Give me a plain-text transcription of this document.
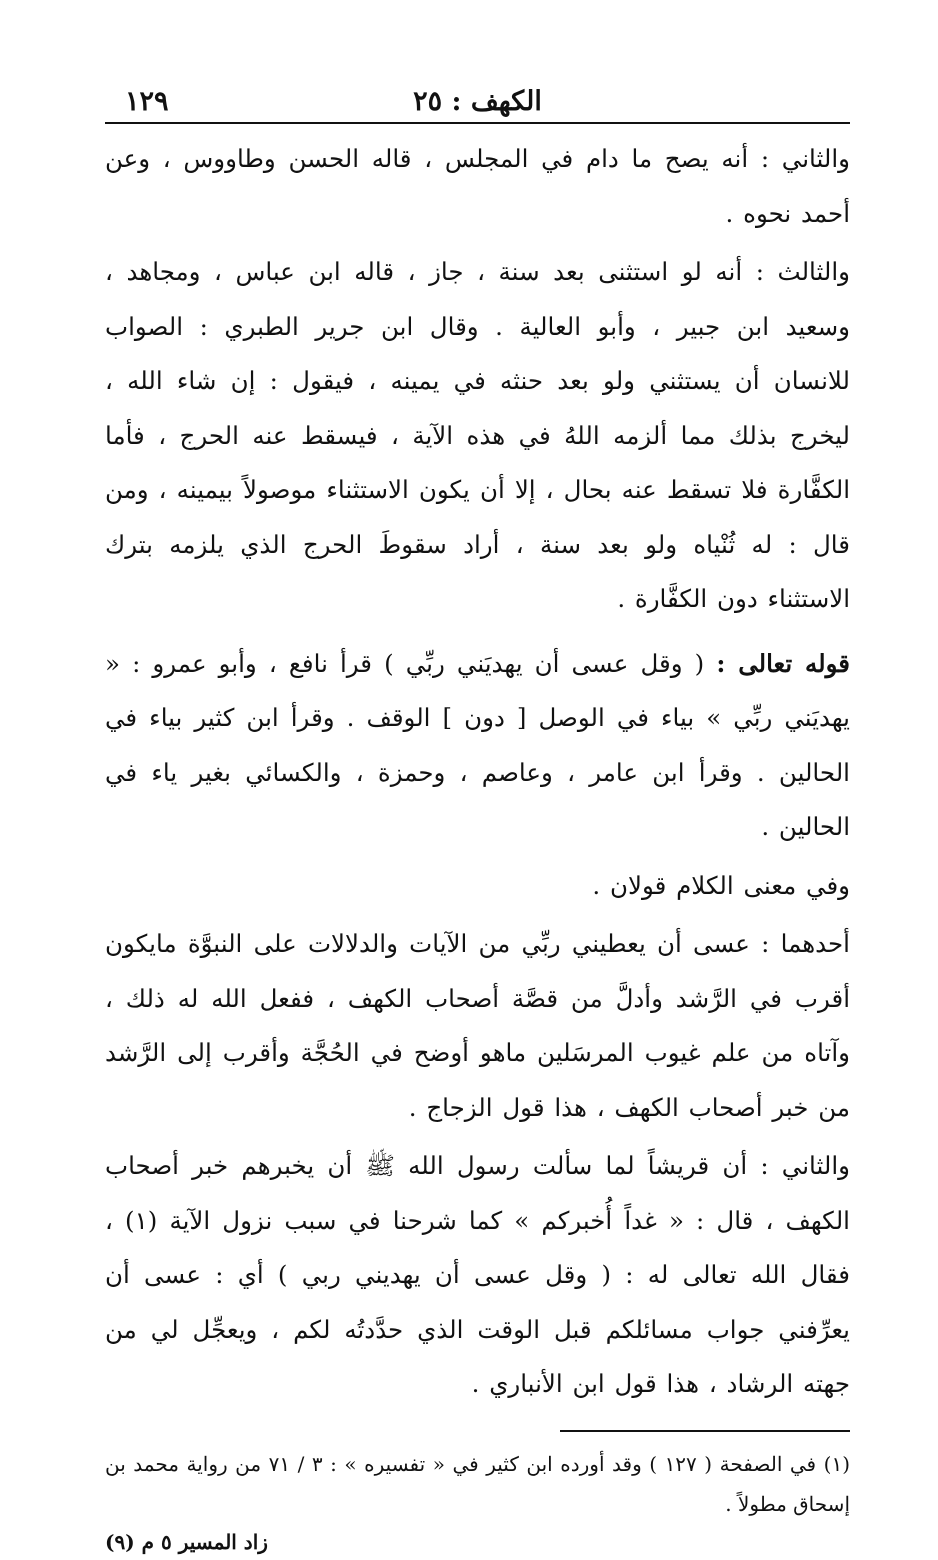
الكهف : ٢٥
١٢٩

والثاني : أنه يصح ما دام في المجلس ، قاله الحسن وطاووس ، وعن أحمد نحوه .

والثالث : أنه لو استثنى بعد سنة ، جاز ، قاله ابن عباس ، ومجاهد ، وسعيد ابن جبير ، وأبو العالية . وقال ابن جرير الطبري : الصواب للانسان أن يستثني ولو بعد حنثه في يمينه ، فيقول : إن شاء الله ، ليخرج بذلك مما ألزمه اللهُ في هذه الآية ، فيسقط عنه الحرج ، فأما الكفَّارة فلا تسقط عنه بحال ، إلا أن يكون الاستثناء موصولاً بيمينه ، ومن قال : له ثُنْياه ولو بعد سنة ، أراد سقوطَ الحرج الذي يلزمه بترك الاستثناء دون الكفَّارة .

قوله تعالى : ( وقل عسى أن يهديَني ربِّي ) قرأ نافع ، وأبو عمرو : « يهديَني ربِّي » بياء في الوصل [ دون ] الوقف . وقرأ ابن كثير بياء في الحالين . وقرأ ابن عامر ، وعاصم ، وحمزة ، والكسائي بغير ياء في الحالين .

وفي معنى الكلام قولان .

أحدهما : عسى أن يعطيني ربِّي من الآيات والدلالات على النبوَّة مايكون أقرب في الرَّشد وأدلَّ من قصَّة أصحاب الكهف ، ففعل الله له ذلك ، وآتاه من علم غيوب المرسَلين ماهو أوضح في الحُجَّة وأقرب إلى الرَّشد من خبر أصحاب الكهف ، هذا قول الزجاج .

والثاني : أن قريشاً لما سألت رسول الله ﷺ أن يخبرهم خبر أصحاب الكهف ، قال : « غداً أُخبركم » كما شرحنا في سبب نزول الآية (١) ، فقال الله تعالى له : ( وقل عسى أن يهديني ربي ) أي : عسى أن يعرِّفني جواب مسائلكم قبل الوقت الذي حدَّدتُه لكم ، ويعجِّل لي من جهته الرشاد ، هذا قول ابن الأنباري .

(١) في الصفحة ( ١٢٧ ) وقد أورده ابن كثير في « تفسيره » : ٣ / ٧١ من رواية محمد بن إسحاق مطولاً .
زاد المسير ٥ م (٩)
